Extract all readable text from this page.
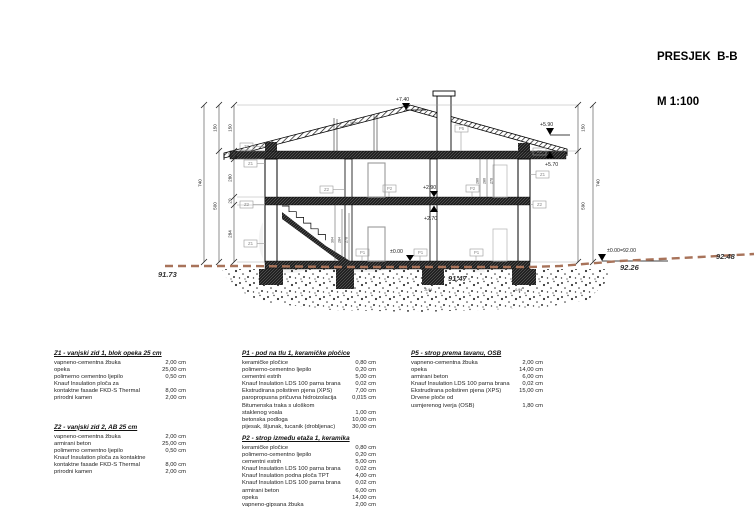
PRESJEK  B-B

M 1:100

%
-0.94	-0.94
740
150
500
150
20
280
20
284
150
590
740
304 284 270
280 280 270
+7.40
+5.90
+5.70
+2.90
+2.70
±0.00	±0.00=92.00
Z2
Z1
Z2
Z1
Z2
Z2
Z1
Z2
P5
P2	P2
P1	P1	P1
91.73	91.47
92.26
92.48
Z1 - vanjski zid 1, blok opeka 25 cm
vapneno-cementna žbuka	2,00 cm
opeka	25,00 cm
polimerno cementno ljepilo	0,50 cm
Knauf Insulation ploča za
kontaktne fasade FKD-S Thermal	8,00 cm
prirodni kamen	2,00 cm
Z2 - vanjski zid 2, AB 25 cm
vapneno-cementna žbuka	2,00 cm
armirani beton	25,00 cm
polimerno cementno ljepilo	0,50 cm
Knauf Insulation ploča za kontaktne
kontaktne fasade FKD-S Thermal	8,00 cm
prirodni kamen	2,00 cm
P1 - pod na tlu 1, keramičke pločice
keramičke pločice	0,80 cm
polimerno-cementno ljepilo	0,20 cm
cementni estrih	5,00 cm
Knauf Insulation LDS 100 parna brana	0,02 cm
Ekstrudirana polistiren pjena (XPS)	7,00 cm
paropropusna pričuvna hidroizolacija	0,015 cm
Bitumenska traka s uloškom
staklenog voala	1,00 cm
betonska podloga	10,00 cm
pijesak, šljunak, tucanik (drobljenac)	30,00 cm
P2 - strop između etaža 1, keramika
keramičke pločice	0,80 cm
polimerno-cementno ljepilo	0,20 cm
cementni estrih	5,00 cm
Knauf Insulation LDS 100 parna brana	0,02 cm
Knauf Insulation podna ploča TPT	4,00 cm
Knauf Insulation LDS 100 parna brana	0,02 cm
armirani beton	6,00 cm
opeka	14,00 cm
vapneno-gipsana žbuka	2,00 cm
P5 - strop prema tavanu, OSB
vapneno-cementna žbuka	2,00 cm
opeka	14,00 cm
armirani beton	6,00 cm
Knauf Insulation LDS 100 parna brana	0,02 cm
Ekstrudirana polistiren pjena (XPS)	15,00 cm
Drvene ploče od
usmjerenog iverja (OSB)	1,80 cm
